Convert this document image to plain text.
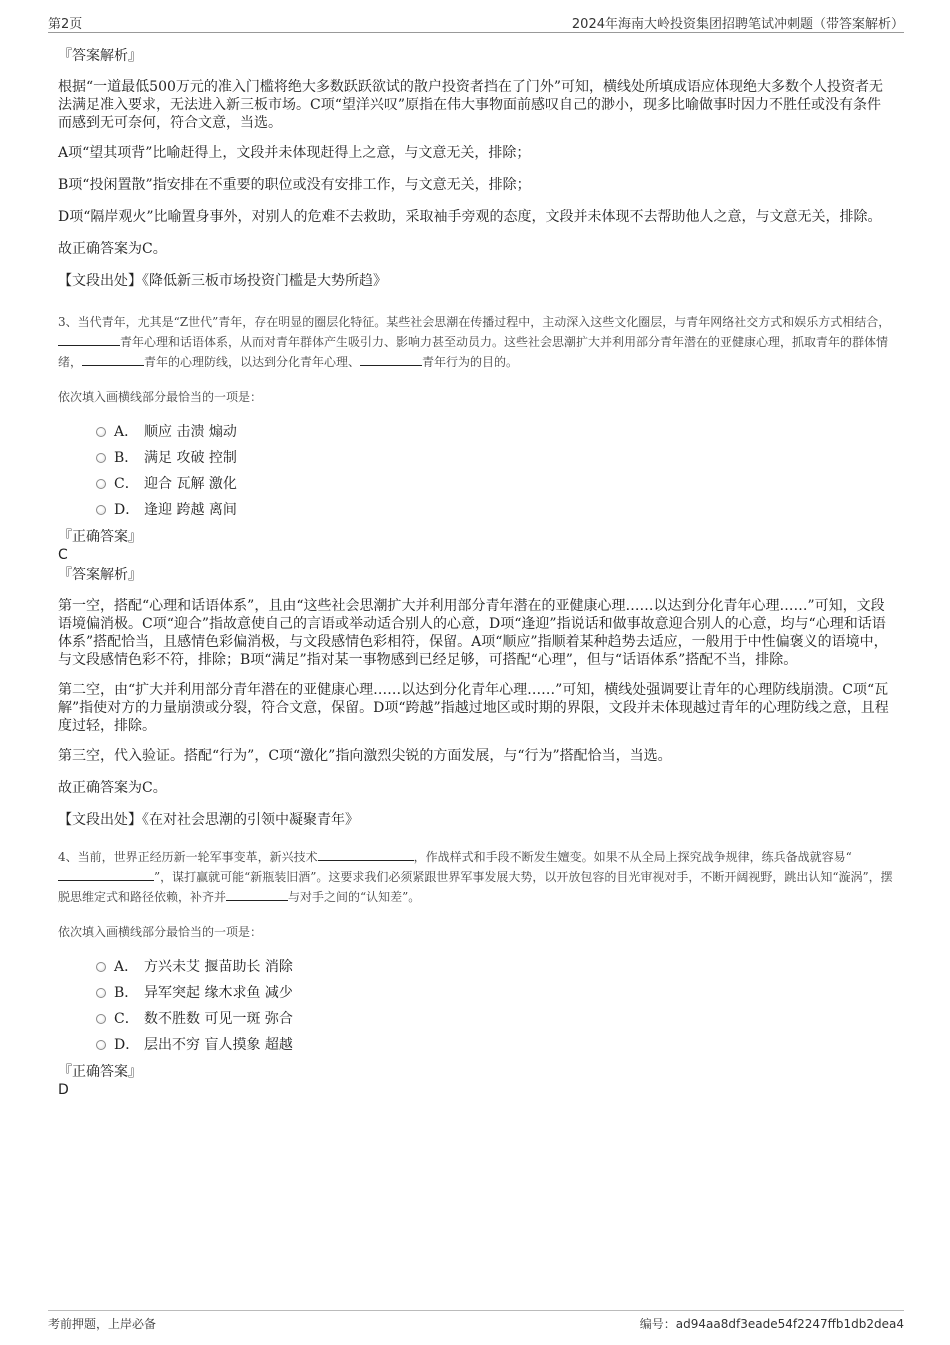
第2页	2024年海南大岭投资集团招聘笔试冲刺题（带答案解析）
『答案解析』

根据“一道最低500万元的准入门槛将绝大多数跃跃欲试的散户投资者挡在了门外”可知，横线处所填成语应体现绝大多数个人投资者无法满足准入要求，无法进入新三板市场。C项“望洋兴叹”原指在伟大事物面前感叹自己的渺小，现多比喻做事时因力不胜任或没有条件而感到无可奈何，符合文意，当选。

A项“望其项背”比喻赶得上，文段并未体现赶得上之意，与文意无关，排除；

B项“投闲置散”指安排在不重要的职位或没有安排工作，与文意无关，排除；

D项“隔岸观火”比喻置身事外，对别人的危难不去救助，采取袖手旁观的态度，文段并未体现不去帮助他人之意，与文意无关，排除。

故正确答案为C。

【文段出处】《降低新三板市场投资门槛是大势所趋》

3、当代青年，尤其是“Z世代”青年，存在明显的圈层化特征。某些社会思潮在传播过程中，主动深入这些文化圈层，与青年网络社交方式和娱乐方式相结合，青年心理和话语体系，从而对青年群体产生吸引力、影响力甚至动员力。这些社会思潮扩大并利用部分青年潜在的亚健康心理，抓取青年的群体情绪，	青年的心理防线，以达到分化青年心理、	青年行为的目的。
依次填入画横线部分最恰当的一项是：
A． 顺应 击溃 煽动
B． 满足 攻破 控制
C． 迎合 瓦解 激化
D． 逢迎 跨越 离间
『正确答案』
C
『答案解析』

第一空，搭配“心理和话语体系”，且由“这些社会思潮扩大并利用部分青年潜在的亚健康心理……以达到分化青年心理……”可知，文段语境偏消极。C项“迎合”指故意使自己的言语或举动适合别人的心意，D项“逢迎”指说话和做事故意迎合别人的心意，均与“心理和话语体系”搭配恰当，且感情色彩偏消极，与文段感情色彩相符，保留。A项“顺应”指顺着某种趋势去适应，一般用于中性偏褒义的语境中，与文段感情色彩不符，排除；B项“满足”指对某一事物感到已经足够，可搭配“心理”，但与“话语体系”搭配不当，排除。

第二空，由“扩大并利用部分青年潜在的亚健康心理……以达到分化青年心理……”可知，横线处强调要让青年的心理防线崩溃。C项“瓦解”指使对方的力量崩溃或分裂，符合文意，保留。D项“跨越”指越过地区或时期的界限，文段并未体现越过青年的心理防线之意，且程度过轻，排除。

第三空，代入验证。搭配“行为”，C项“激化”指向激烈尖锐的方面发展，与“行为”搭配恰当，当选。

故正确答案为C。

【文段出处】《在对社会思潮的引领中凝聚青年》

4、当前，世界正经历新一轮军事变革，新兴技术	，作战样式和手段不断发生嬗变。如果不从全局上探究战争规律，练兵备战就容易“”，谋打赢就可能“新瓶装旧酒”。这要求我们必须紧跟世界军事发展大势，以开放包容的目光审视对手，不断开阔视野，跳出认知“漩涡”，摆脱思维定式和路径依赖，补齐并	与对手之间的“认知差”。
依次填入画横线部分最恰当的一项是：
A． 方兴未艾 揠苗助长 消除
B． 异军突起 缘木求鱼 减少
C． 数不胜数 可见一斑 弥合
D． 层出不穷 盲人摸象 超越
『正确答案』
D
考前押题，上岸必备	编号：ad94aa8df3eade54f2247ffb1db2dea4
